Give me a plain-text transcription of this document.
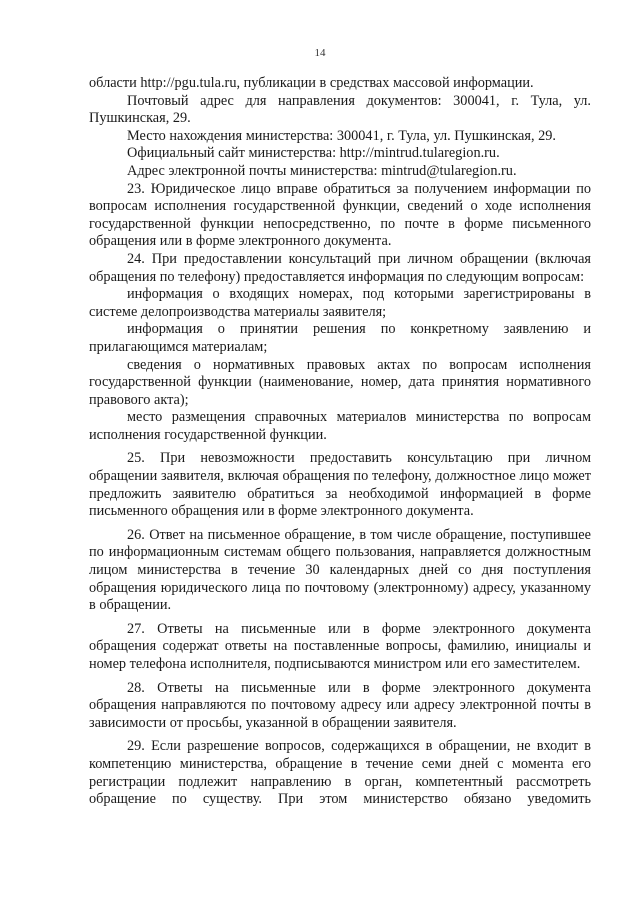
14

области http://pgu.tula.ru, публикации в средствах массовой информации.

Почтовый адрес для направления документов: 300041, г. Тула, ул. Пушкинская, 29.

Место нахождения министерства: 300041, г. Тула, ул. Пушкинская, 29.

Официальный сайт министерства: http://mintrud.tularegion.ru.

Адрес электронной почты министерства: mintrud@tularegion.ru.

23. Юридическое лицо вправе обратиться за получением информации по вопросам исполнения государственной функции, сведений о ходе исполнения государственной функции непосредственно, по почте в форме письменного обращения или в форме электронного документа.

24. При предоставлении консультаций при личном обращении (включая обращения по телефону) предоставляется информация по следующим вопросам:

информация о входящих номерах, под которыми зарегистрированы в системе делопроизводства материалы заявителя;

информация о принятии решения по конкретному заявлению и прилагающимся материалам;

сведения о нормативных правовых актах по вопросам исполнения государственной функции (наименование, номер, дата принятия нормативного правового акта);

место размещения справочных материалов министерства по вопросам исполнения государственной функции.

25. При невозможности предоставить консультацию при личном обращении заявителя, включая обращения по телефону, должностное лицо может предложить заявителю обратиться за необходимой информацией в форме письменного обращения или в форме электронного документа.

26. Ответ на письменное обращение, в том числе обращение, поступившее по информационным системам общего пользования, направляется должностным лицом министерства в течение 30 календарных дней со дня поступления обращения юридического лица по почтовому (электронному) адресу, указанному в обращении.

27. Ответы на письменные или в форме электронного документа обращения содержат ответы на поставленные вопросы, фамилию, инициалы и номер телефона исполнителя, подписываются министром или его заместителем.

28. Ответы на письменные или в форме электронного документа обращения направляются по почтовому адресу или адресу электронной почты в зависимости от просьбы, указанной в обращении заявителя.

29. Если разрешение вопросов, содержащихся в обращении, не входит в компетенцию министерства, обращение в течение семи дней с момента его регистрации подлежит направлению в орган, компетентный рассмотреть обращение по существу. При этом министерство обязано уведомить
